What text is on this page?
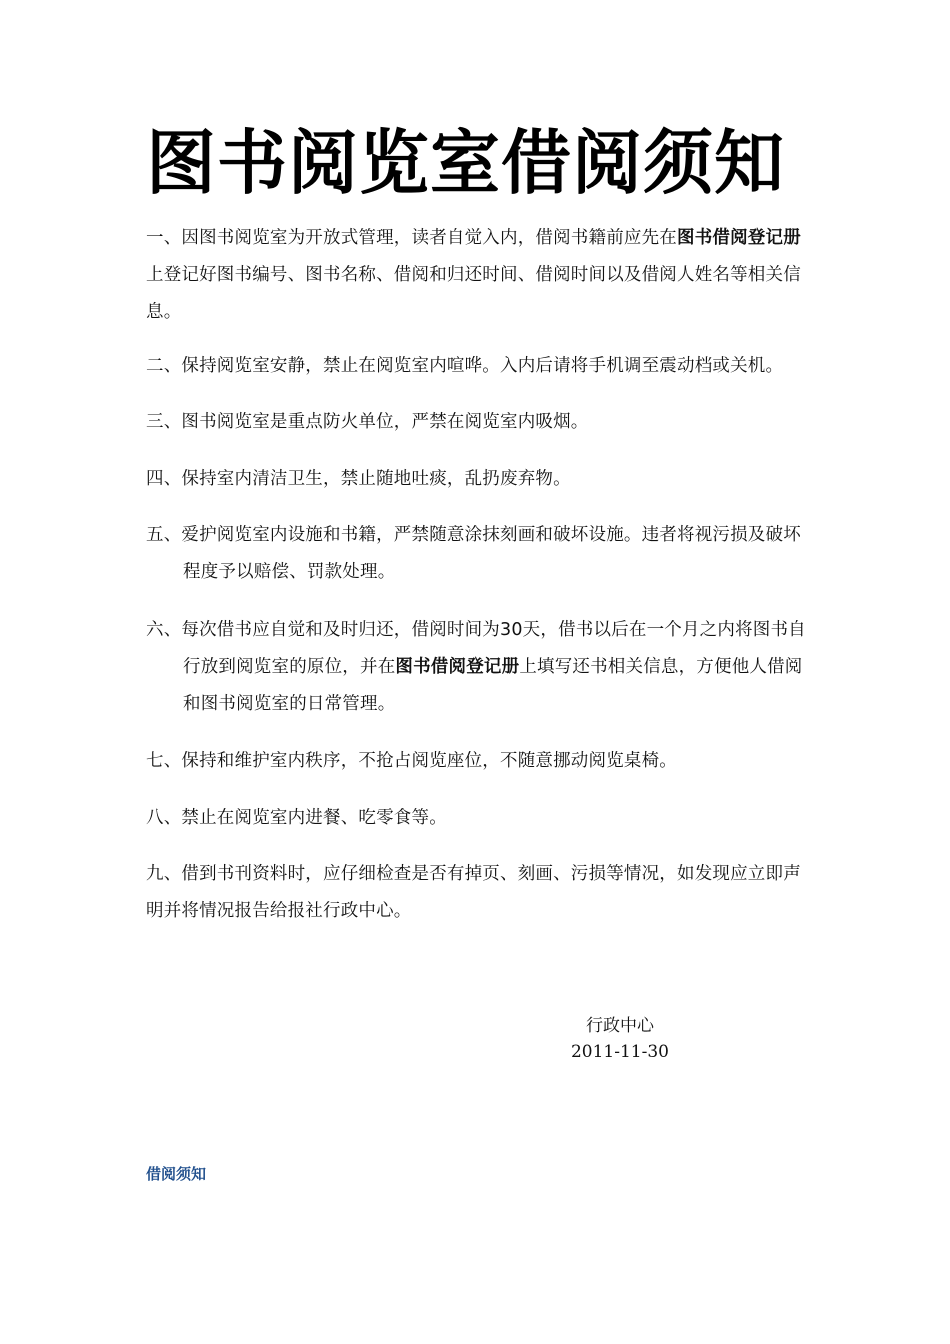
图书阅览室借阅须知
一、因图书阅览室为开放式管理，读者自觉入内，借阅书籍前应先在图书借阅登记册上登记好图书编号、图书名称、借阅和归还时间、借阅时间以及借阅人姓名等相关信息。
二、保持阅览室安静，禁止在阅览室内喧哗。入内后请将手机调至震动档或关机。
三、图书阅览室是重点防火单位，严禁在阅览室内吸烟。
四、保持室内清洁卫生，禁止随地吐痰，乱扔废弃物。
五、爱护阅览室内设施和书籍，严禁随意涂抹刻画和破坏设施。违者将视污损及破坏程度予以赔偿、罚款处理。
六、每次借书应自觉和及时归还，借阅时间为30天，借书以后在一个月之内将图书自行放到阅览室的原位，并在图书借阅登记册上填写还书相关信息，方便他人借阅和图书阅览室的日常管理。
七、保持和维护室内秩序，不抢占阅览座位，不随意挪动阅览桌椅。
八、禁止在阅览室内进餐、吃零食等。
九、借到书刊资料时，应仔细检查是否有掉页、刻画、污损等情况，如发现应立即声明并将情况报告给报社行政中心。
行政中心
2011-11-30
借阅须知
